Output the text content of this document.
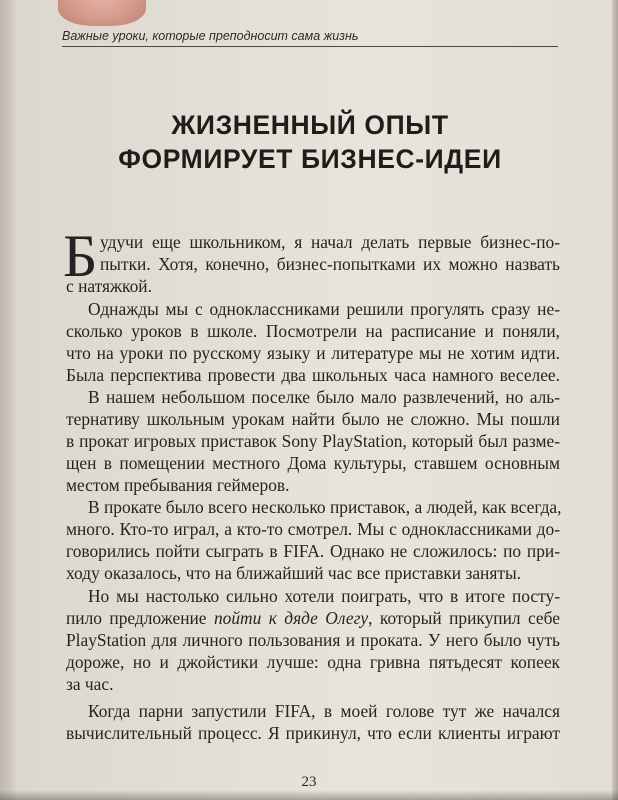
Важные уроки, которые преподносит сама жизнь
ЖИЗНЕННЫЙ ОПЫТ
ФОРМИРУЕТ БИЗНЕС-ИДЕИ
Б удучи еще школьником, я начал делать первые бизнес-по-
пытки. Хотя, конечно, бизнес-попытками их можно назвать
с натяжкой.
Однажды мы с одноклассниками решили прогулять сразу не-
сколько уроков в школе. Посмотрели на расписание и поняли,
что на уроки по русскому языку и литературе мы не хотим идти.
Была перспектива провести два школьных часа намного веселее.
В нашем небольшом поселке было мало развлечений, но аль-
тернативу школьным урокам найти было не сложно. Мы пошли
в прокат игровых приставок Sony PlayStation, который был разме-
щен в помещении местного Дома культуры, ставшем основным
местом пребывания геймеров.
В прокате было всего несколько приставок, а людей, как всегда,
много. Кто-то играл, а кто-то смотрел. Мы с одноклассниками до-
говорились пойти сыграть в FIFA. Однако не сложилось: по при-
ходу оказалось, что на ближайший час все приставки заняты.
Но мы настолько сильно хотели поиграть, что в итоге посту-
пило предложение пойти к дяде Олегу, который прикупил себе
PlayStation для личного пользования и проката. У него было чуть
дороже, но и джойстики лучше: одна гривна пятьдесят копеек
за час.
Когда парни запустили FIFA, в моей голове тут же начался
вычислительный процесс. Я прикинул, что если клиенты играют
23
